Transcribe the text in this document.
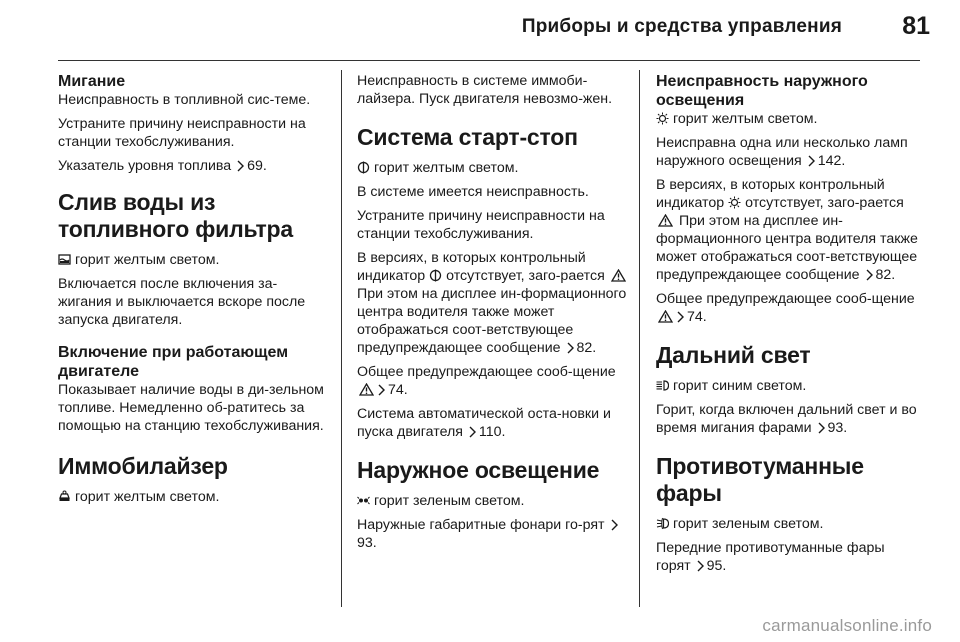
Приборы и средства управления 81
Мигание

Неисправность в топливной сис-теме.

Устраните причину неисправности на станции техобслуживания.

Указатель уровня топлива 69.

Слив воды из топливного фильтра

горит желтым светом.

Включается после включения за-жигания и выключается вскоре после запуска двигателя.

Включение при работающем двигателе

Показывает наличие воды в ди-зельном топливе. Немедленно об-ратитесь за помощью на станцию техобслуживания.

Иммобилайзер

горит желтым светом.

Неисправность в системе иммоби-лайзера. Пуск двигателя невозмо-жен.

Система старт-стоп

горит желтым светом.

В системе имеется неисправность.

Устраните причину неисправности на станции техобслуживания.

В версиях, в которых контрольный индикатор отсутствует, заго-рается
При этом на дисплее ин-формационного центра водителя также может отображаться соот-ветствующее предупреждающее сообщение 82.

Общее предупреждающее сооб-щение
74.

Система автоматической оста-новки и пуска двигателя 110.

Наружное освещение

горит зеленым светом.

Наружные габаритные фонари го-рят
93.

Неисправность наружного освещения

горит желтым светом.

Неисправна одна или несколько ламп наружного освещения 142.

В версиях, в которых контрольный индикатор отсутствует, заго-рается
При этом на дисплее ин-формационного центра водителя также может отображаться соот-ветствующее предупреждающее сообщение 82.

Общее предупреждающее сооб-щение
74.

Дальний свет

горит синим светом.

Горит, когда включен дальний свет и во время мигания фарами 93.

Противотуманные фары

горит зеленым светом.

Передние противотуманные фары горят 95.

carmanualsonline.info
